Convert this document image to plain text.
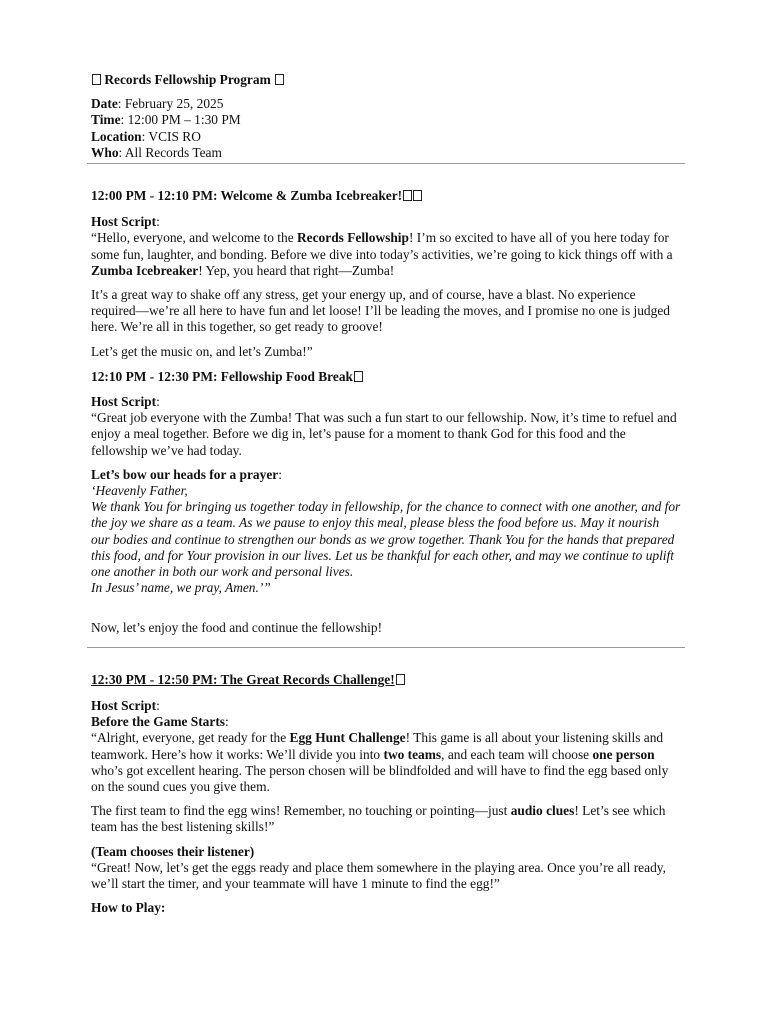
Records Fellowship Program

Date: February 25, 2025

Time: 12:00 PM – 1:30 PM

Location: VCIS RO

Who: All Records Team

12:00 PM - 12:10 PM: Welcome & Zumba Icebreaker!

Host Script:

“Hello, everyone, and welcome to the Records Fellowship! I’m so excited to have all of you here today for some fun, laughter, and bonding. Before we dive into today’s activities, we’re going to kick things off with a Zumba Icebreaker! Yep, you heard that right—Zumba!

It’s a great way to shake off any stress, get your energy up, and of course, have a blast. No experience required—we’re all here to have fun and let loose! I’ll be leading the moves, and I promise no one is judged here. We’re all in this together, so get ready to groove!

Let’s get the music on, and let’s Zumba!”

12:10 PM - 12:30 PM: Fellowship Food Break

Host Script:

“Great job everyone with the Zumba! That was such a fun start to our fellowship. Now, it’s time to refuel and enjoy a meal together. Before we dig in, let’s pause for a moment to thank God for this food and the fellowship we’ve had today.

Let’s bow our heads for a prayer:

‘Heavenly Father,

We thank You for bringing us together today in fellowship, for the chance to connect with one another, and for the joy we share as a team. As we pause to enjoy this meal, please bless the food before us. May it nourish our bodies and continue to strengthen our bonds as we grow together. Thank You for the hands that prepared this food, and for Your provision in our lives. Let us be thankful for each other, and may we continue to uplift one another in both our work and personal lives.

In Jesus’ name, we pray, Amen.’”

Now, let’s enjoy the food and continue the fellowship!

12:30 PM - 12:50 PM: The Great Records Challenge!

Host Script:

Before the Game Starts:

“Alright, everyone, get ready for the Egg Hunt Challenge! This game is all about your listening skills and teamwork. Here’s how it works: We’ll divide you into two teams, and each team will choose one person who’s got excellent hearing. The person chosen will be blindfolded and will have to find the egg based only on the sound cues you give them.

The first team to find the egg wins! Remember, no touching or pointing—just audio clues! Let’s see which team has the best listening skills!”

(Team chooses their listener)

“Great! Now, let’s get the eggs ready and place them somewhere in the playing area. Once you’re all ready, we’ll start the timer, and your teammate will have 1 minute to find the egg!”

How to Play:
